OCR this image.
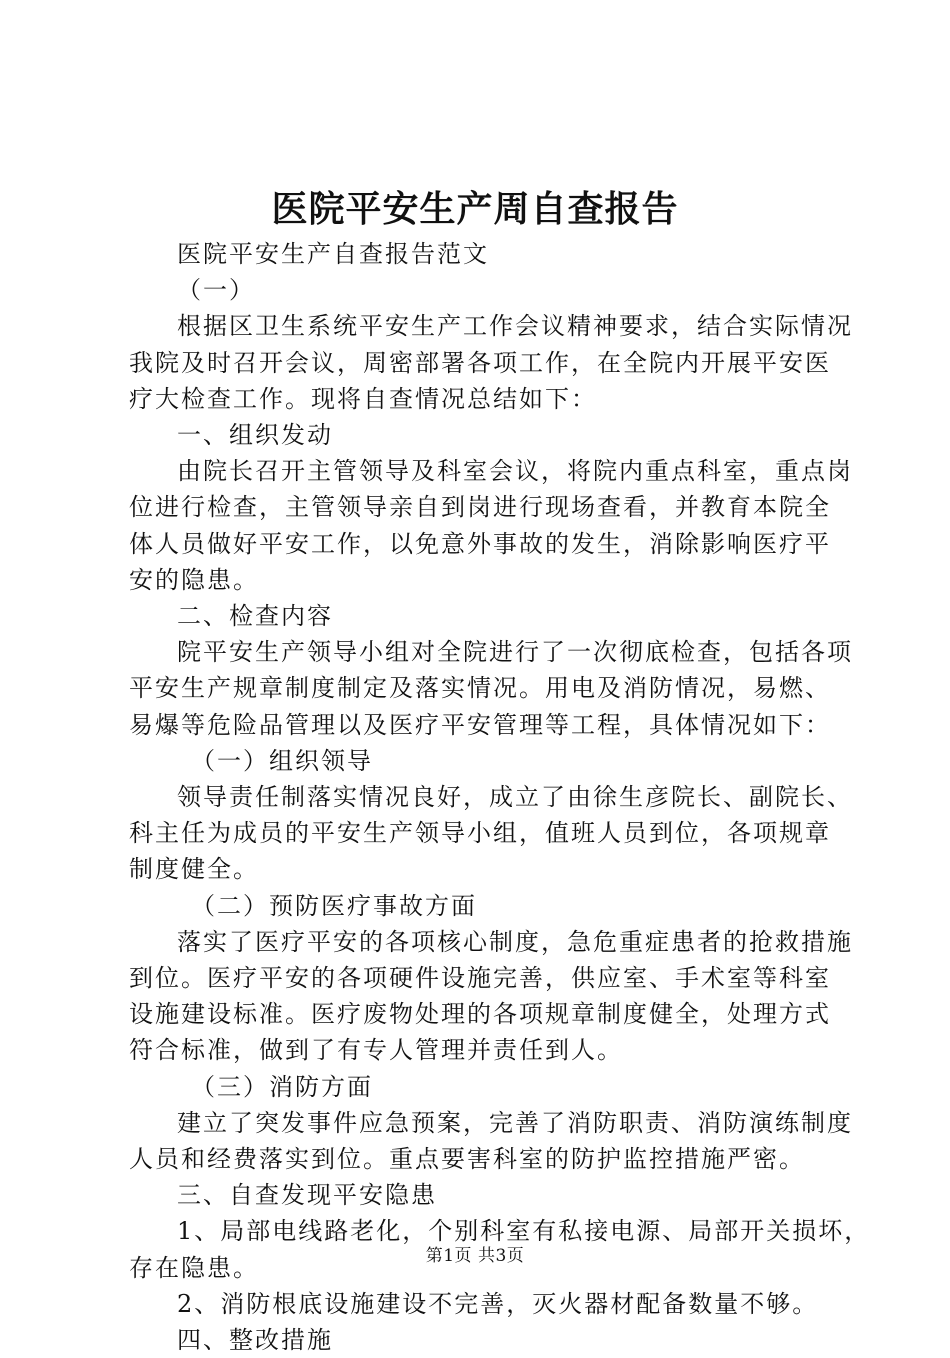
医院平安生产周自查报告
医院平安生产自查报告范文
（一）
根据区卫生系统平安生产工作会议精神要求，结合实际情况
我院及时召开会议，周密部署各项工作，在全院内开展平安医
疗大检查工作。现将自查情况总结如下：
一、组织发动
由院长召开主管领导及科室会议，将院内重点科室，重点岗
位进行检查，主管领导亲自到岗进行现场查看，并教育本院全
体人员做好平安工作，以免意外事故的发生，消除影响医疗平
安的隐患。
二、检查内容
院平安生产领导小组对全院进行了一次彻底检查，包括各项
平安生产规章制度制定及落实情况。用电及消防情况，易燃、
易爆等危险品管理以及医疗平安管理等工程，具体情况如下：
（一）组织领导
领导责任制落实情况良好，成立了由徐生彦院长、副院长、
科主任为成员的平安生产领导小组，值班人员到位，各项规章
制度健全。
（二）预防医疗事故方面
落实了医疗平安的各项核心制度，急危重症患者的抢救措施
到位。医疗平安的各项硬件设施完善，供应室、手术室等科室
设施建设标准。医疗废物处理的各项规章制度健全，处理方式
符合标准，做到了有专人管理并责任到人。
（三）消防方面
建立了突发事件应急预案，完善了消防职责、消防演练制度
人员和经费落实到位。重点要害科室的防护监控措施严密。
三、自查发现平安隐患
1、局部电线路老化，个别科室有私接电源、局部开关损坏，
存在隐患。
2、消防根底设施建设不完善，灭火器材配备数量不够。
四、整改措施
第1页 共3页
